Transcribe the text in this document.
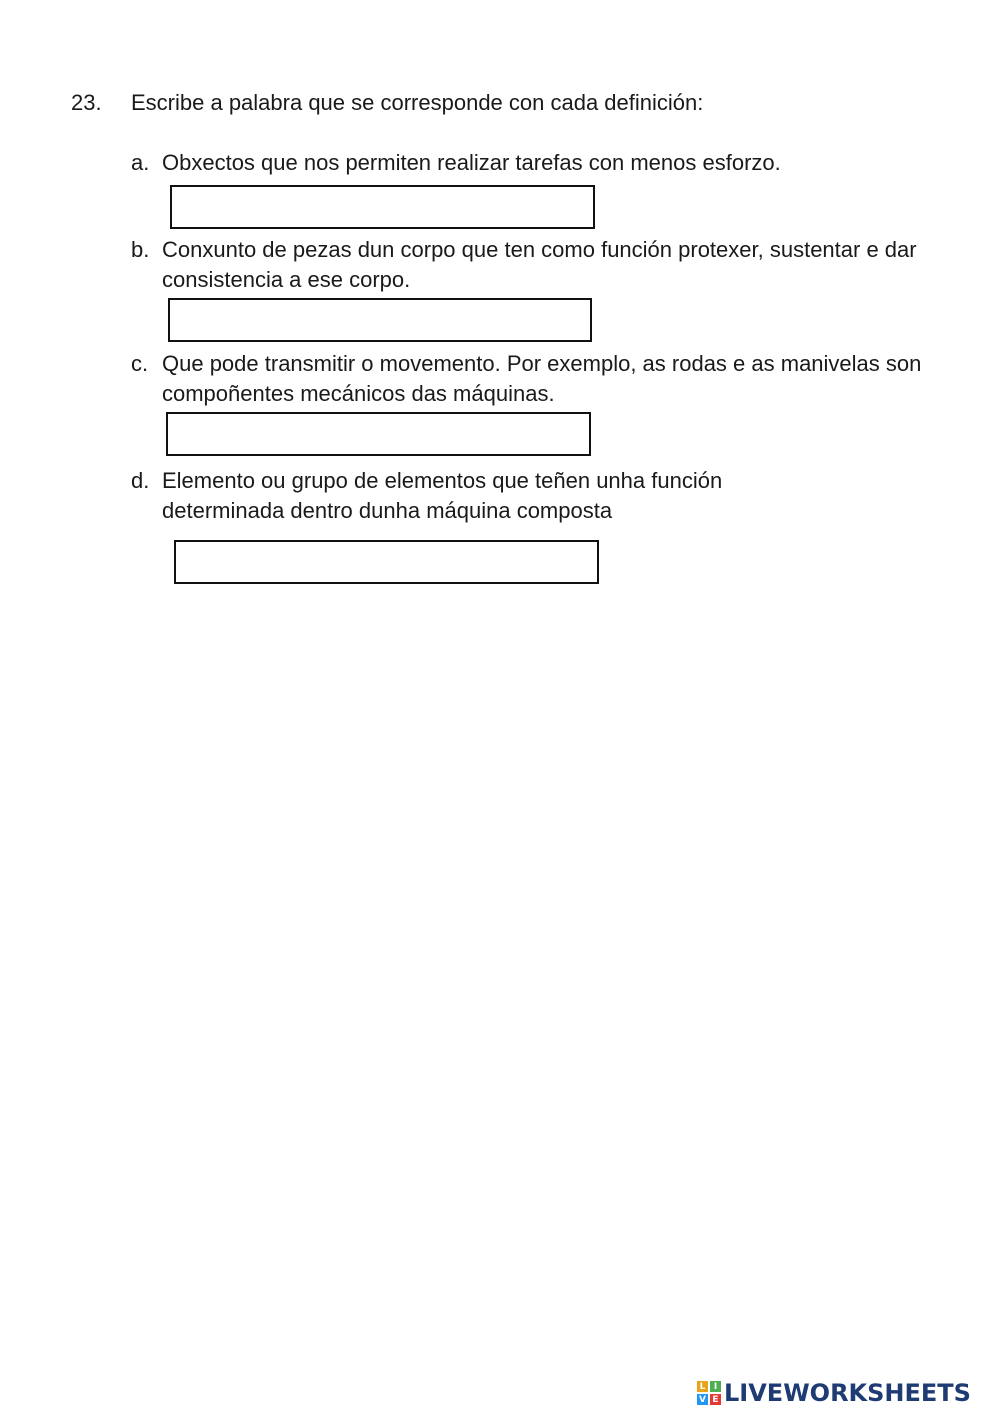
23. Escribe a palabra que se corresponde con cada definición:
a. Obxectos que nos permiten realizar tarefas con menos esforzo.
b. Conxunto de pezas dun corpo que ten como función protexer, sustentar e dar consistencia a ese corpo.
c. Que pode transmitir o movemento. Por exemplo, as rodas e as manivelas son compoñentes mecánicos das máquinas.
d. Elemento ou grupo de elementos que teñen unha función determinada dentro dunha máquina composta
L I
V E LIVEWORKSHEETS
